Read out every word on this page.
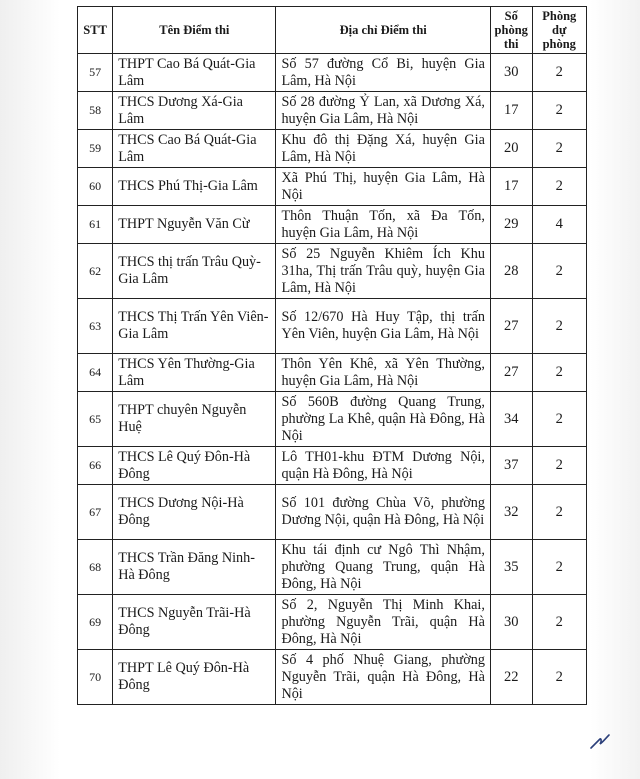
STT	Tên Điểm thi	Địa chỉ Điểm thi	Số phòng thi	Phòng dự phòng
57	THPT Cao Bá Quát-Gia Lâm	Số 57 đường Cổ Bi, huyện Gia Lâm, Hà Nội	30	2
58	THCS Dương Xá-Gia Lâm	Số 28 đường Ỷ Lan, xã Dương Xá, huyện Gia Lâm, Hà Nội	17	2
59	THCS Cao Bá Quát-Gia Lâm	Khu đô thị Đặng Xá, huyện Gia Lâm, Hà Nội	20	2
60	THCS Phú Thị-Gia Lâm	Xã Phú Thị, huyện Gia Lâm, Hà Nội	17	2
61	THPT Nguyễn Văn Cừ	Thôn Thuận Tốn, xã Đa Tốn, huyện Gia Lâm, Hà Nội	29	4
62	THCS thị trấn Trâu Quỳ-Gia Lâm	Số 25 Nguyễn Khiêm Ích Khu 31ha, Thị trấn Trâu quỳ, huyện Gia Lâm, Hà Nội	28	2
63	THCS Thị Trấn Yên Viên-Gia Lâm	Số 12/670 Hà Huy Tập, thị trấn Yên Viên, huyện Gia Lâm, Hà Nội	27	2
64	THCS Yên Thường-Gia Lâm	Thôn Yên Khê, xã Yên Thường, huyện Gia Lâm, Hà Nội	27	2
65	THPT chuyên Nguyễn Huệ	Số 560B đường Quang Trung, phường La Khê, quận Hà Đông, Hà Nội	34	2
66	THCS Lê Quý Đôn-Hà Đông	Lô TH01-khu ĐTM Dương Nội, quận Hà Đông, Hà Nội	37	2
67	THCS Dương Nội-Hà Đông	Số 101 đường Chùa Võ, phường Dương Nội, quận Hà Đông, Hà Nội	32	2
68	THCS Trần Đăng Ninh-Hà Đông	Khu tái định cư Ngô Thì Nhậm, phường Quang Trung, quận Hà Đông, Hà Nội	35	2
69	THCS Nguyễn Trãi-Hà Đông	Số 2, Nguyễn Thị Minh Khai, phường Nguyễn Trãi, quận Hà Đông, Hà Nội	30	2
70	THPT Lê Quý Đôn-Hà Đông	Số 4 phố Nhuệ Giang, phường Nguyễn Trãi, quận Hà Đông, Hà Nội	22	2
